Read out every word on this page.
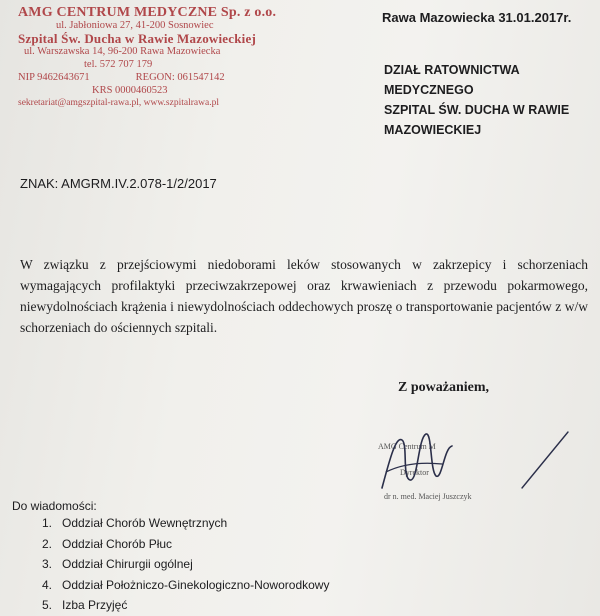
AMG CENTRUM MEDYCZNE Sp. z o.o.
ul. Jabłoniowa 27, 41-200 Sosnowiec
Szpital Św. Ducha w Rawie Mazowieckiej
ul. Warszawska 14, 96-200 Rawa Mazowiecka
tel. 572 707 179
NIP 9462643671	REGON: 061547142
KRS 0000460523
sekretariat@amgszpital-rawa.pl, www.szpitalrawa.pl
Rawa Mazowiecka 31.01.2017r.
DZIAŁ RATOWNICTWA
MEDYCZNEGO
SZPITAL ŚW. DUCHA W RAWIE
MAZOWIECKIEJ
ZNAK: AMGRM.IV.2.078-1/2/2017
W związku z przejściowymi niedoborami leków stosowanych w zakrzepicy i schorzeniach wymagających profilaktyki przeciwzakrzepowej oraz krwawieniach z przewodu pokarmowego, niewydolnościach krążenia i niewydolnościach oddechowych proszę o transportowanie pacjentów z w/w schorzeniach do ościennych szpitali.
Z poważaniem,
AMG Centrum M
Dyrektor
dr n. med. Maciej Juszczyk
Do wiadomości:
1. Oddział Chorób Wewnętrznych
2. Oddział Chorób Płuc
3. Oddział Chirurgii ogólnej
4. Oddział Położniczo-Ginekologiczno-Noworodkowy
5. Izba Przyjęć
